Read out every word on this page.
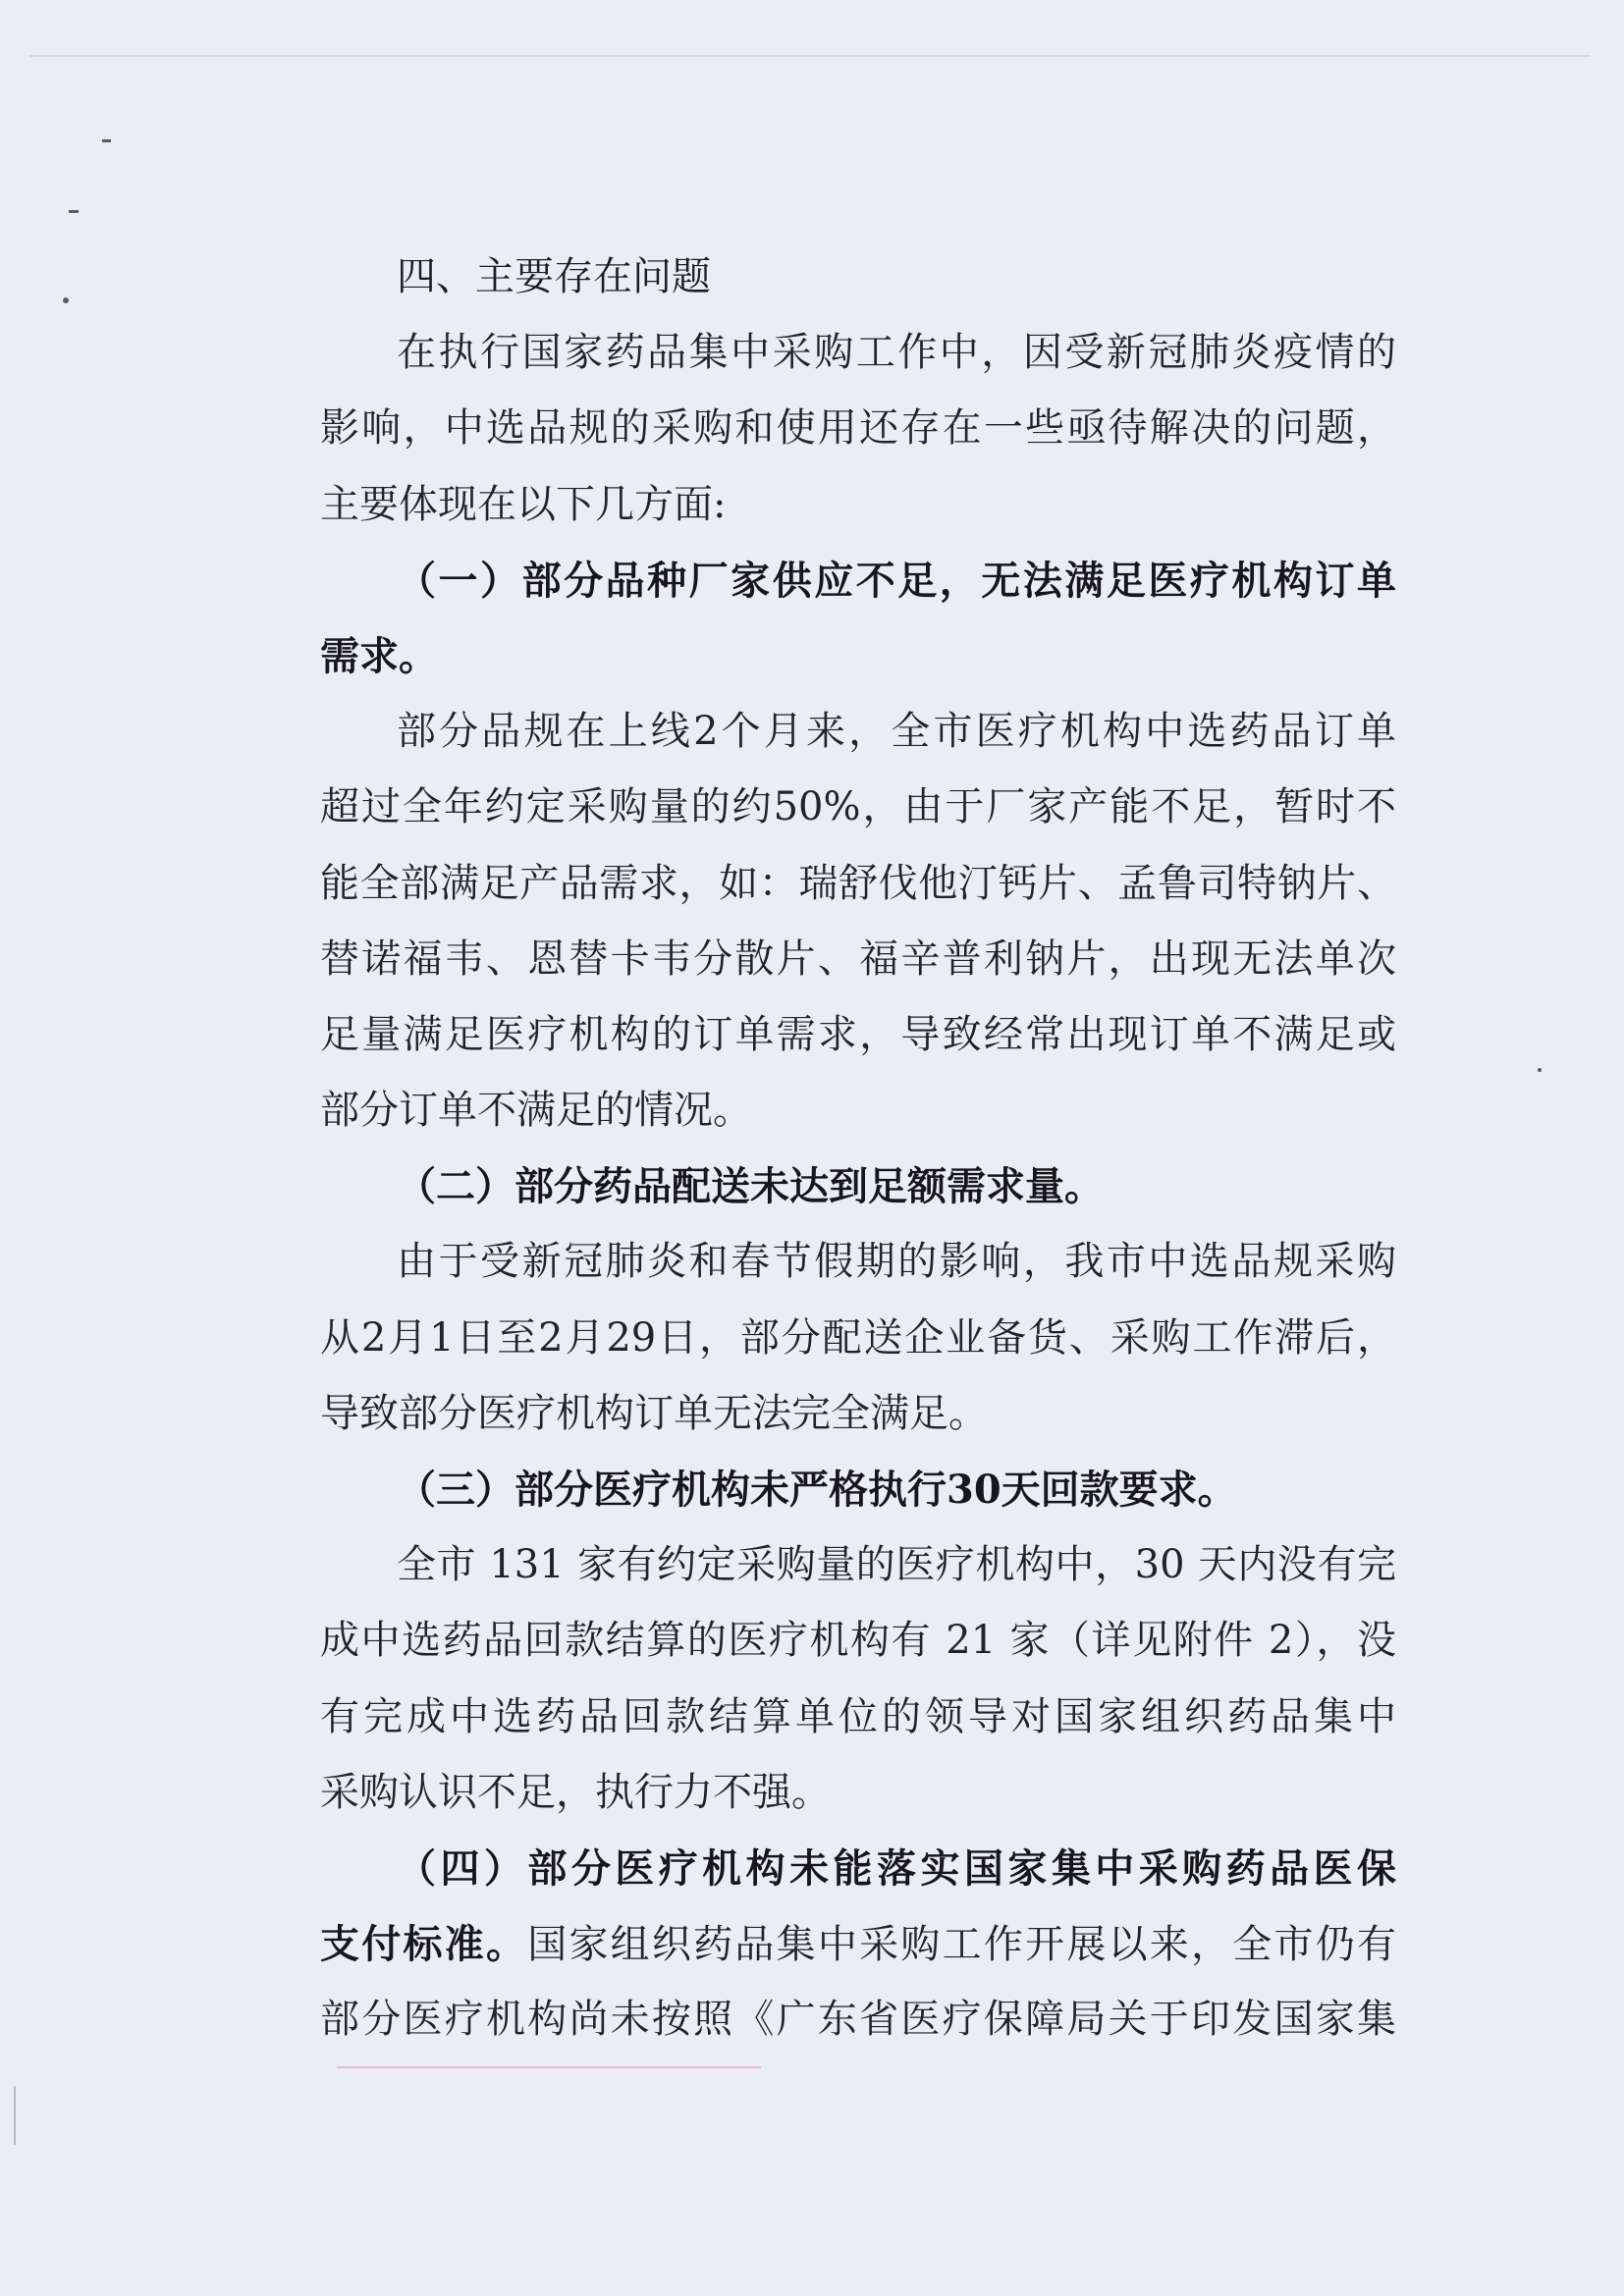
四、主要存在问题
在执行国家药品集中采购工作中，因受新冠肺炎疫情的
影响，中选品规的采购和使用还存在一些亟待解决的问题，
主要体现在以下几方面:
（一）部分品种厂家供应不足，无法满足医疗机构订单
需求。
部分品规在上线2个月来，全市医疗机构中选药品订单
超过全年约定采购量的约50%，由于厂家产能不足，暂时不
能全部满足产品需求，如：瑞舒伐他汀钙片、孟鲁司特钠片、
替诺福韦、恩替卡韦分散片、福辛普利钠片，出现无法单次
足量满足医疗机构的订单需求，导致经常出现订单不满足或
部分订单不满足的情况。
（二）部分药品配送未达到足额需求量。
由于受新冠肺炎和春节假期的影响，我市中选品规采购
从2月1日至2月29日，部分配送企业备货、采购工作滞后，
导致部分医疗机构订单无法完全满足。
（三）部分医疗机构未严格执行30天回款要求。
全市 131 家有约定采购量的医疗机构中，30 天内没有完
成中选药品回款结算的医疗机构有 21 家（详见附件 2），没
有完成中选药品回款结算单位的领导对国家组织药品集中
采购认识不足，执行力不强。
（四）部分医疗机构未能落实国家集中采购药品医保
支付标准。国家组织药品集中采购工作开展以来，全市仍有
部分医疗机构尚未按照《广东省医疗保障局关于印发国家集
